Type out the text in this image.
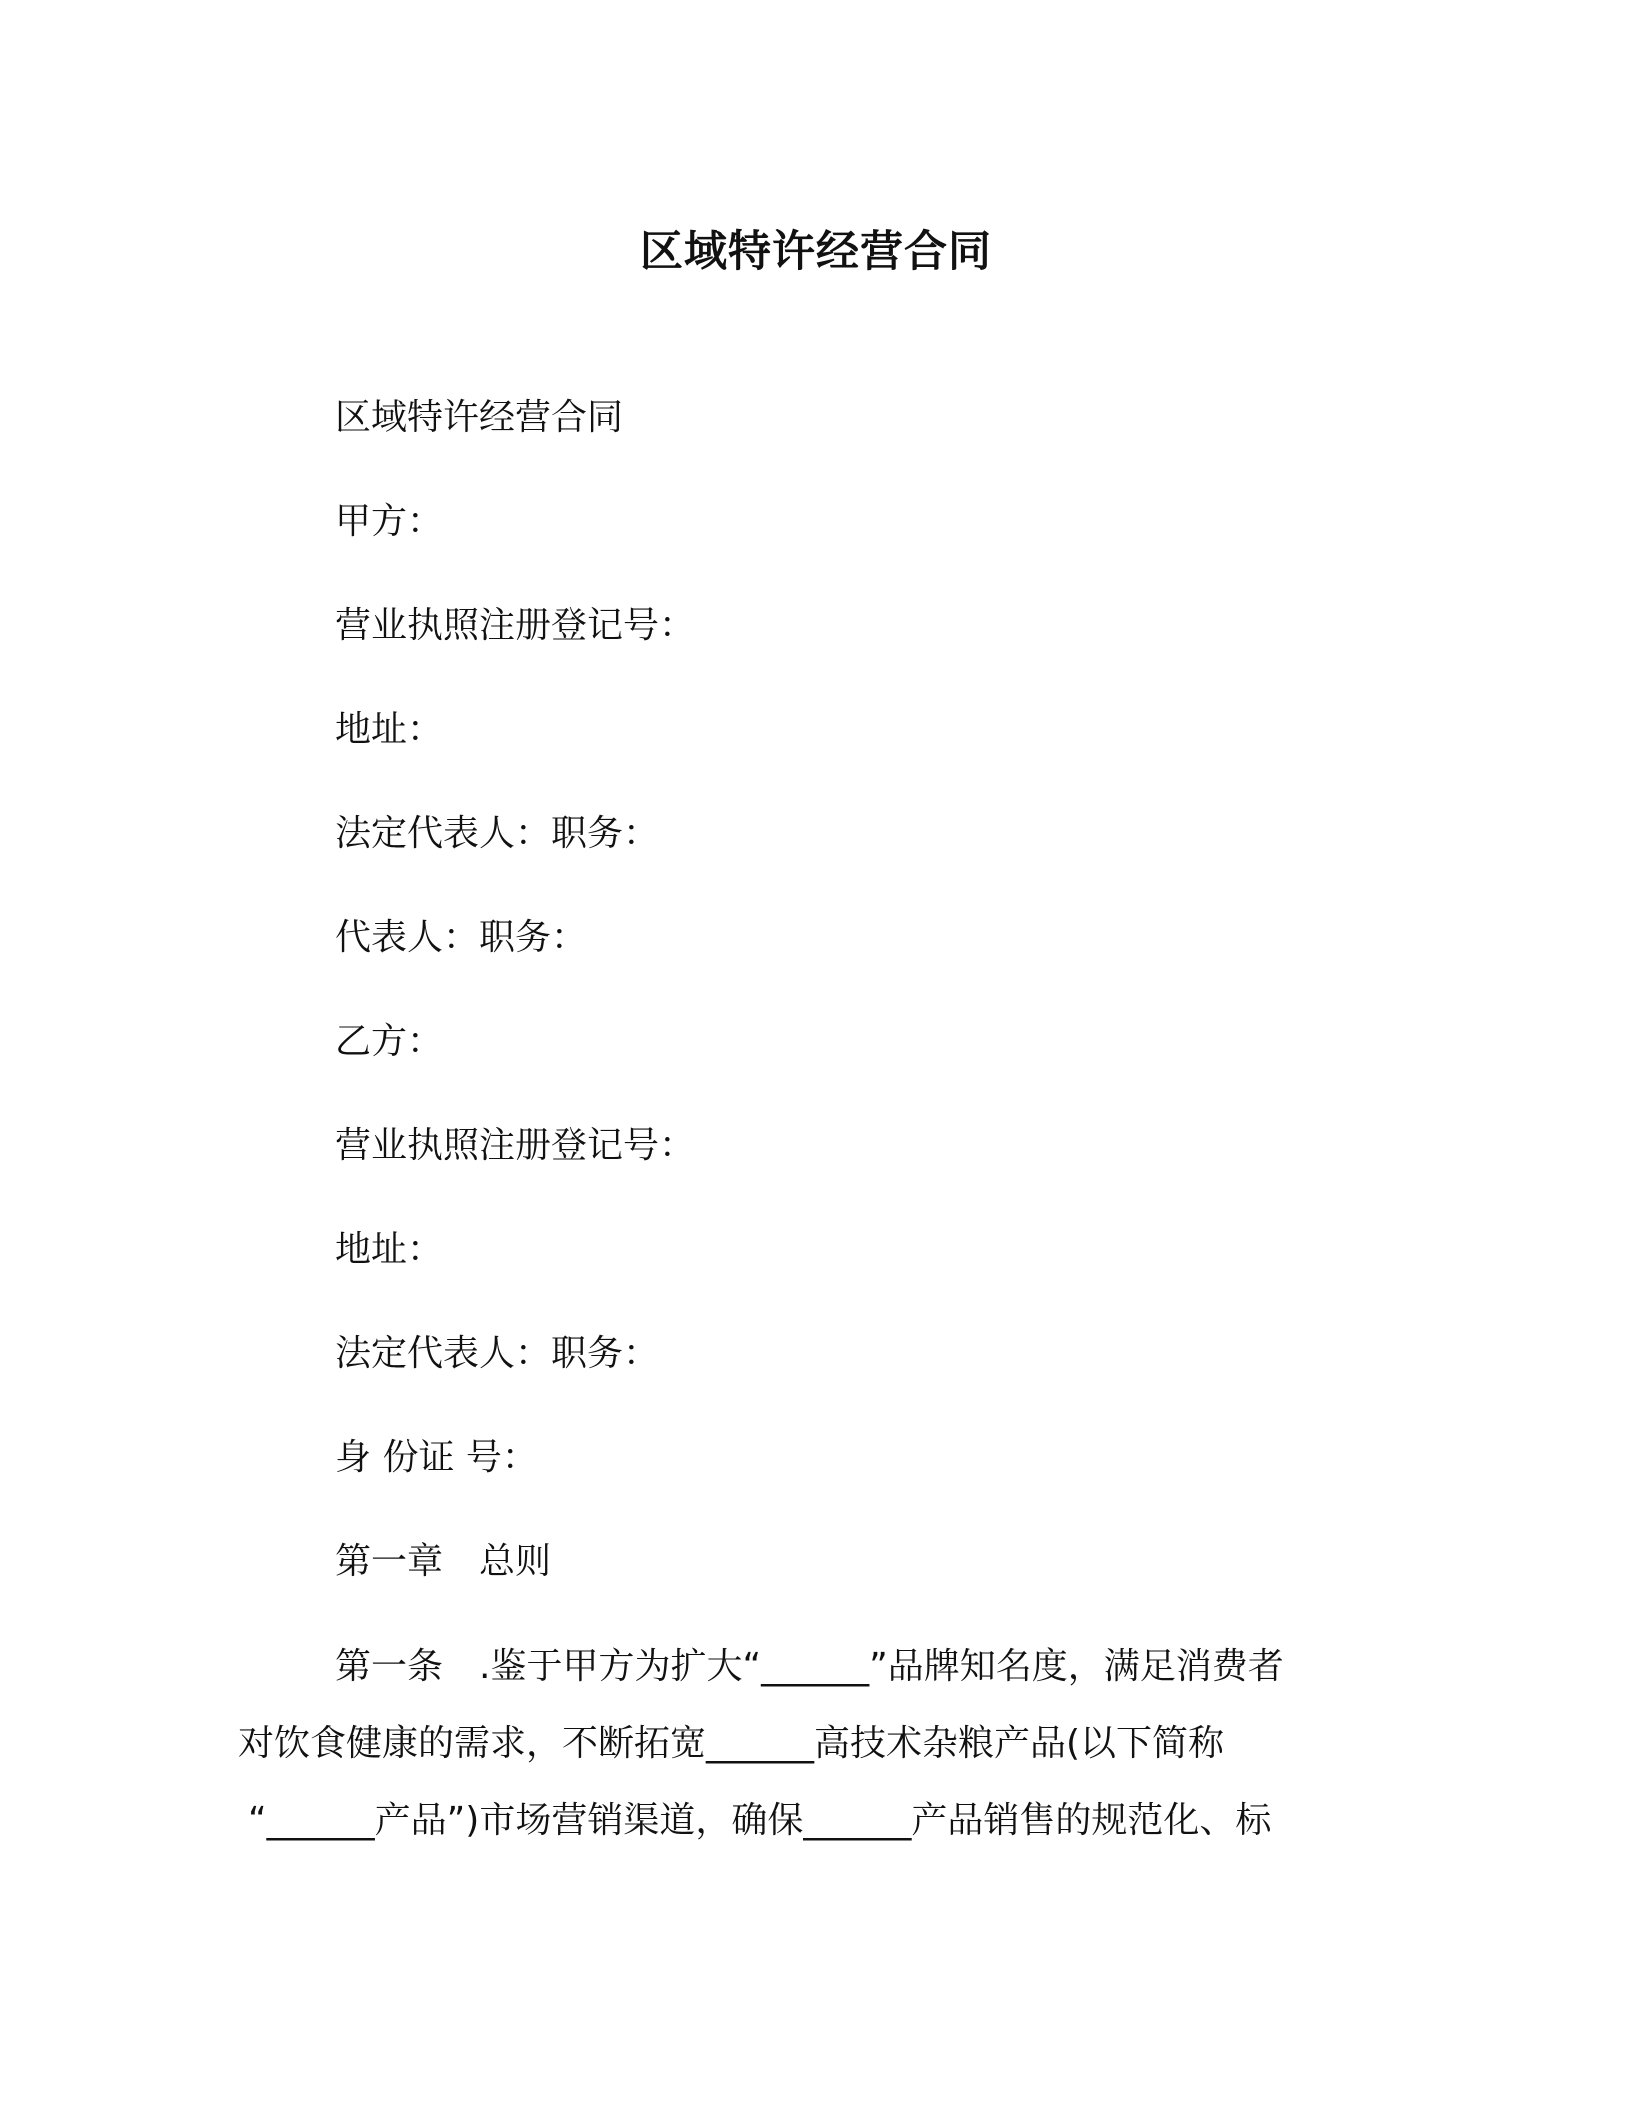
区域特许经营合同
区域特许经营合同
甲方：
营业执照注册登记号：
地址：
法定代表人：职务：
代表人：职务：
乙方：
营业执照注册登记号：
地址：
法定代表人：职务：
身 份证 号：
第一章　总则
第一条　.鉴于甲方为扩大“______”品牌知名度，满足消费者
对饮食健康的需求，不断拓宽______高技术杂粮产品(以下简称
“______产品”)市场营销渠道，确保______产品销售的规范化、标
